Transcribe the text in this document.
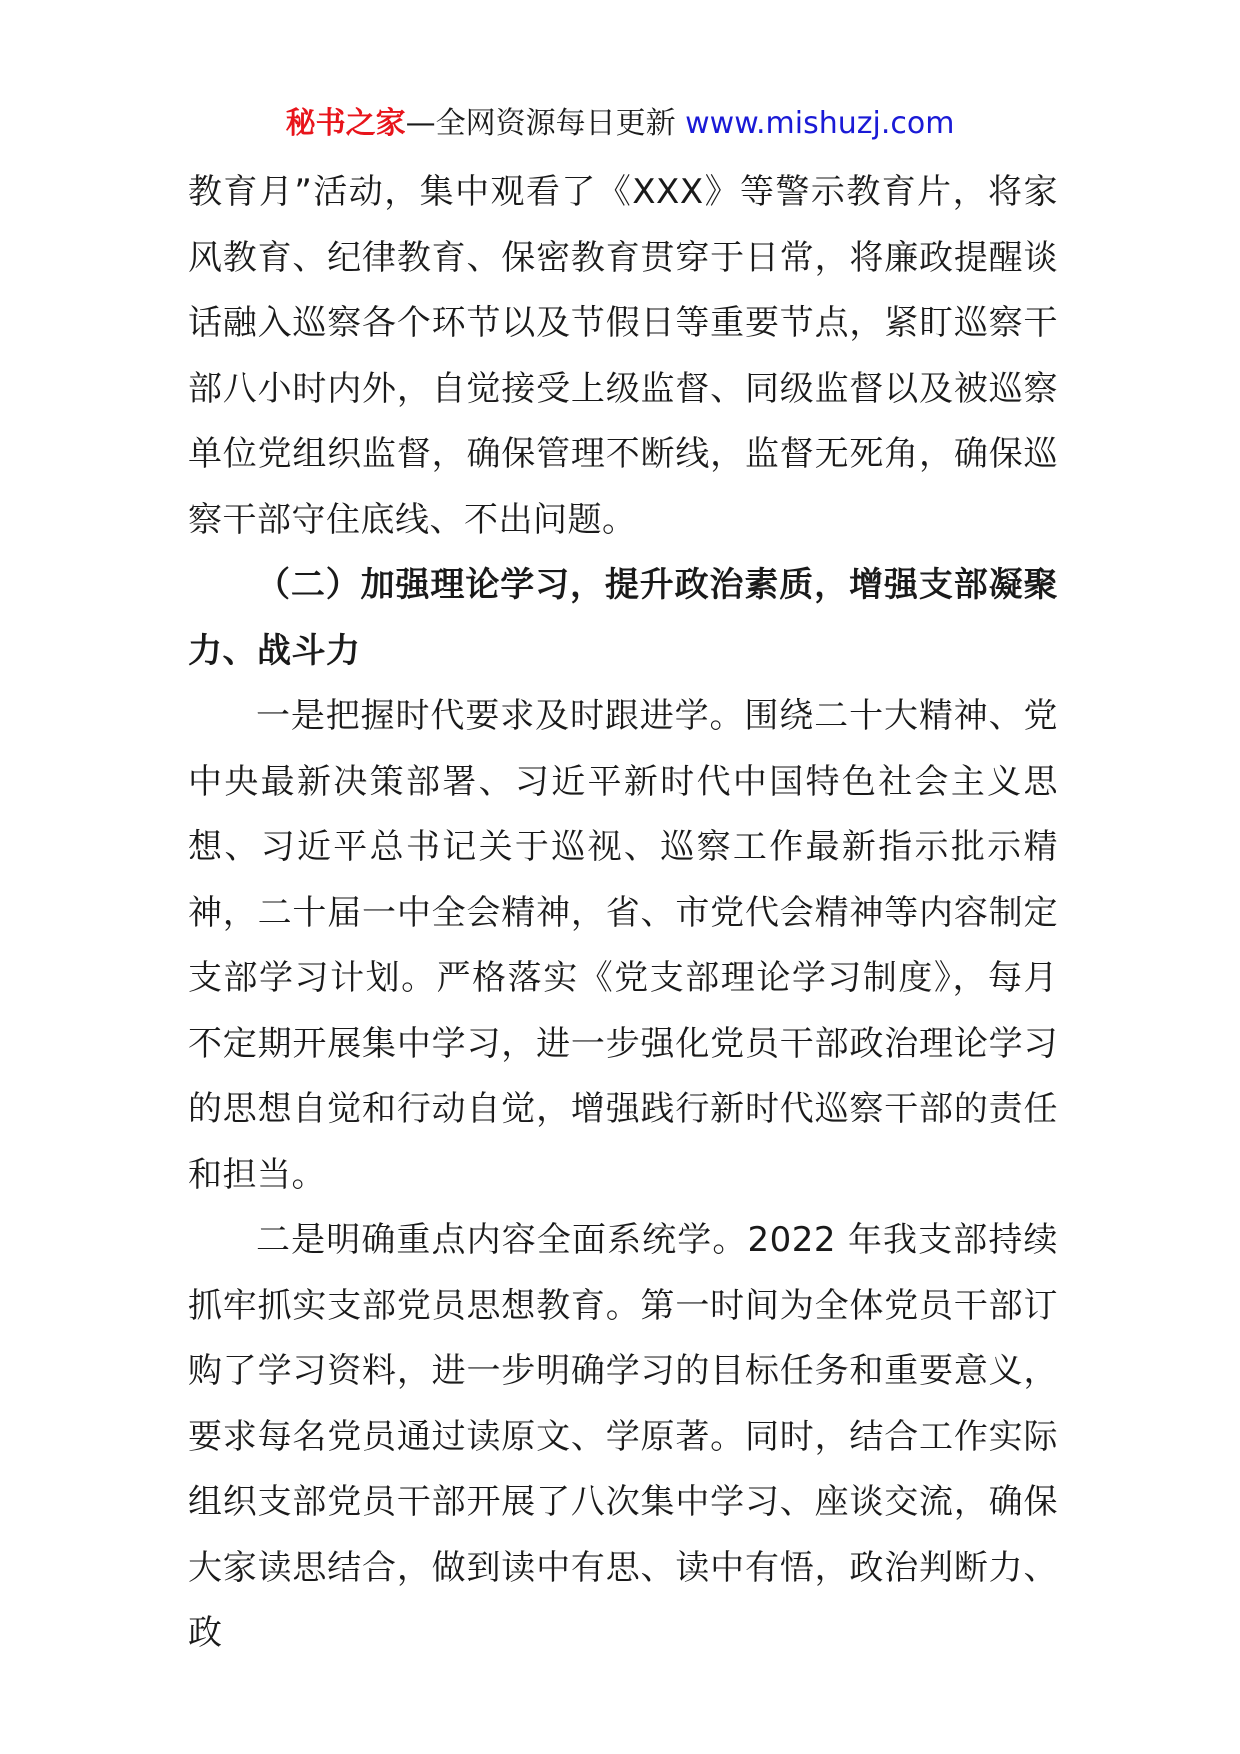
秘书之家—全网资源每日更新 www.mishuzj.com

教育月”活动，集中观看了《XXX》等警示教育片，将家风教育、纪律教育、保密教育贯穿于日常，将廉政提醒谈话融入巡察各个环节以及节假日等重要节点，紧盯巡察干部八小时内外，自觉接受上级监督、同级监督以及被巡察单位党组织监督，确保管理不断线，监督无死角，确保巡察干部守住底线、不出问题。

（二）加强理论学习，提升政治素质，增强支部凝聚力、战斗力

一是把握时代要求及时跟进学。围绕二十大精神、党中央最新决策部署、习近平新时代中国特色社会主义思想、习近平总书记关于巡视、巡察工作最新指示批示精神，二十届一中全会精神，省、市党代会精神等内容制定支部学习计划。严格落实《党支部理论学习制度》，每月不定期开展集中学习，进一步强化党员干部政治理论学习的思想自觉和行动自觉，增强践行新时代巡察干部的责任和担当。

二是明确重点内容全面系统学。2022 年我支部持续抓牢抓实支部党员思想教育。第一时间为全体党员干部订购了学习资料，进一步明确学习的目标任务和重要意义，要求每名党员通过读原文、学原著。同时，结合工作实际组织支部党员干部开展了八次集中学习、座谈交流，确保大家读思结合，做到读中有思、读中有悟，政治判断力、政
